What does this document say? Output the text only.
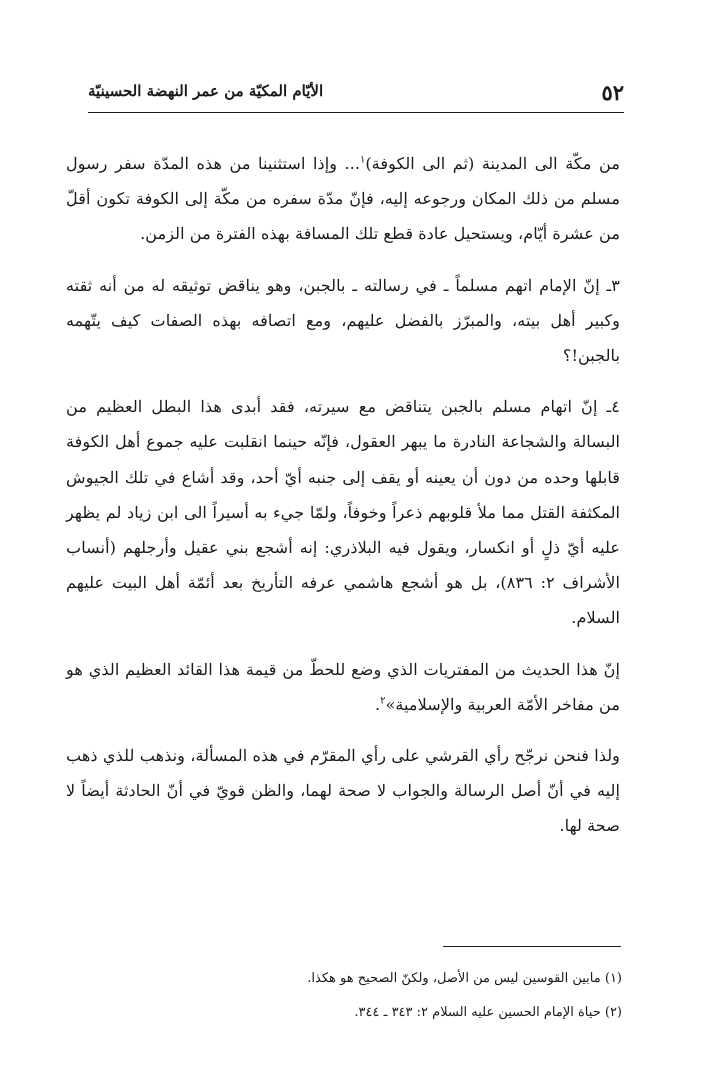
٥٢
الأيّام المكيّة من عمر النهضة الحسينيّة

من مكّة الى المدينة (ثم الى الكوفة)$^١$... وإذا استثنينا من هذه المدّة سفر رسول مسلم من ذلك المكان ورجوعه إليه، فإنّ مدّة سفره من مكّة إلى الكوفة تكون أقلّ من عشرة أيّام، ويستحيل عادة قطع تلك المسافة بهذه الفترة من الزمن.

٣ـ إنّ الإمام اتهم مسلماً ـ في رسالته ـ بالجبن، وهو يناقض توثيقه له من أنه ثقته وكبير أهل بيته، والمبرّز بالفضل عليهم، ومع اتصافه بهذه الصفات كيف يتّهمه بالجبن!؟

٤ـ إنّ اتهام مسلم بالجبن يتناقض مع سيرته، فقد أبدى هذا البطل العظيم من البسالة والشجاعة النادرة ما يبهر العقول، فإنّه حينما انقلبت عليه جموع أهل الكوفة قابلها وحده من دون أن يعينه أو يقف إلى جنبه أيّ أحد، وقد أشاع في تلك الجيوش المكثفة القتل مما ملأ قلوبهم ذعراً وخوفاً، ولمّا جيء به أسيراً الى ابن زياد لم يظهر عليه أيّ ذلٍ أو انكسار، ويقول فيه البلاذري: إنه أشجع بني عقيل وأرجلهم (أنساب الأشراف ٢: ٨٣٦)، بل هو أشجع هاشمي عرفه التأريخ بعد أئمّة أهل البيت عليهم السلام.

إنّ هذا الحديث من المفتريات الذي وضع للحطّ من قيمة هذا القائد العظيم الذي هو من مفاخر الأمّة العربية والإسلامية»$^٢$.

ولذا فنحن نرجّح رأي القرشي على رأي المقرّم في هذه المسألة، ونذهب للذي ذهب إليه في أنّ أصل الرسالة والجواب لا صحة لهما، والظن قويّ في أنّ الحادثة أيضاً لا صحة لها.

(١) مابين القوسين ليس من الأصل، ولكنّ الصحيح هو هكذا.

(٢) حياة الإمام الحسين عليه السلام ٢: ٣٤٣ ـ ٣٤٤.
